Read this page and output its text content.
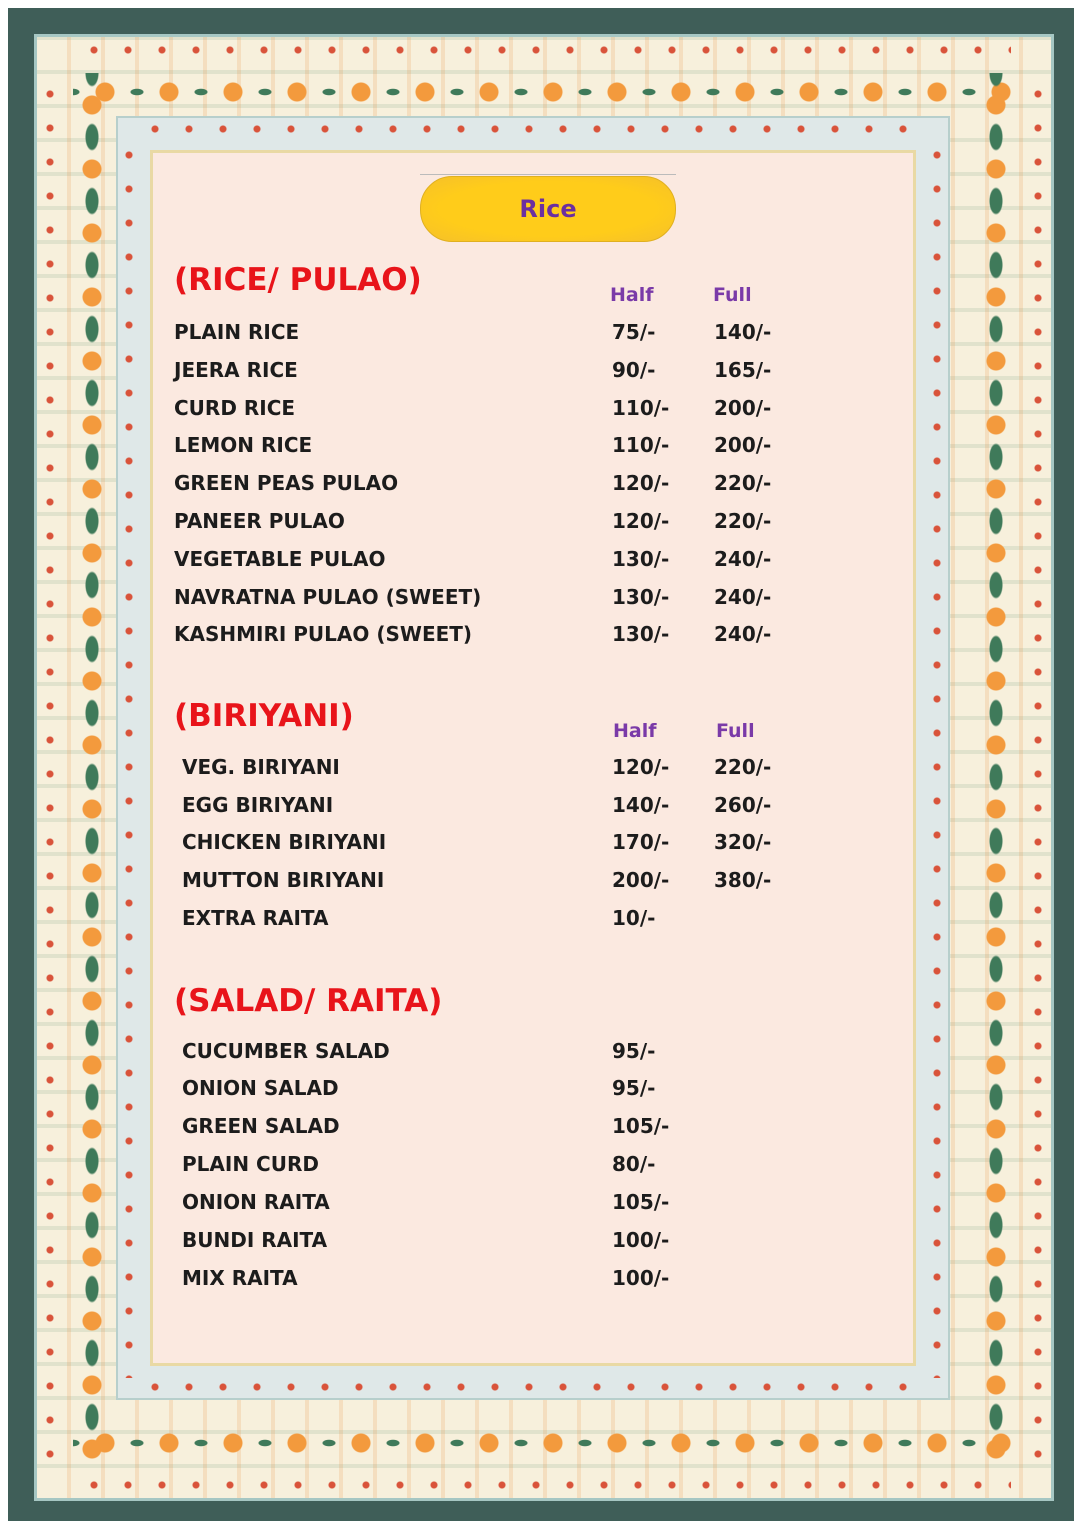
Rice
(RICE/ PULAO)	Half	Full
PLAIN RICE	75/-	140/-
JEERA RICE	90/-	165/-
CURD RICE	110/- 200/-
LEMON RICE	110/- 200/-
GREEN PEAS PULAO	120/- 220/-
PANEER PULAO	120/- 220/-
VEGETABLE PULAO	130/- 240/-
NAVRATNA PULAO (SWEET)	130/- 240/-
KASHMIRI PULAO (SWEET)	130/- 240/-
(BIRIYANI)	Half	Full
VEG. BIRIYANI	120/- 220/-
EGG BIRIYANI	140/- 260/-
CHICKEN BIRIYANI	170/- 320/-
MUTTON BIRIYANI	200/- 380/-
EXTRA RAITA	10/-
(SALAD/ RAITA)
CUCUMBER SALAD	95/-
ONION SALAD	95/-
GREEN SALAD	105/-
PLAIN CURD	80/-
ONION RAITA	105/-
BUNDI RAITA	100/-
MIX RAITA	100/-
